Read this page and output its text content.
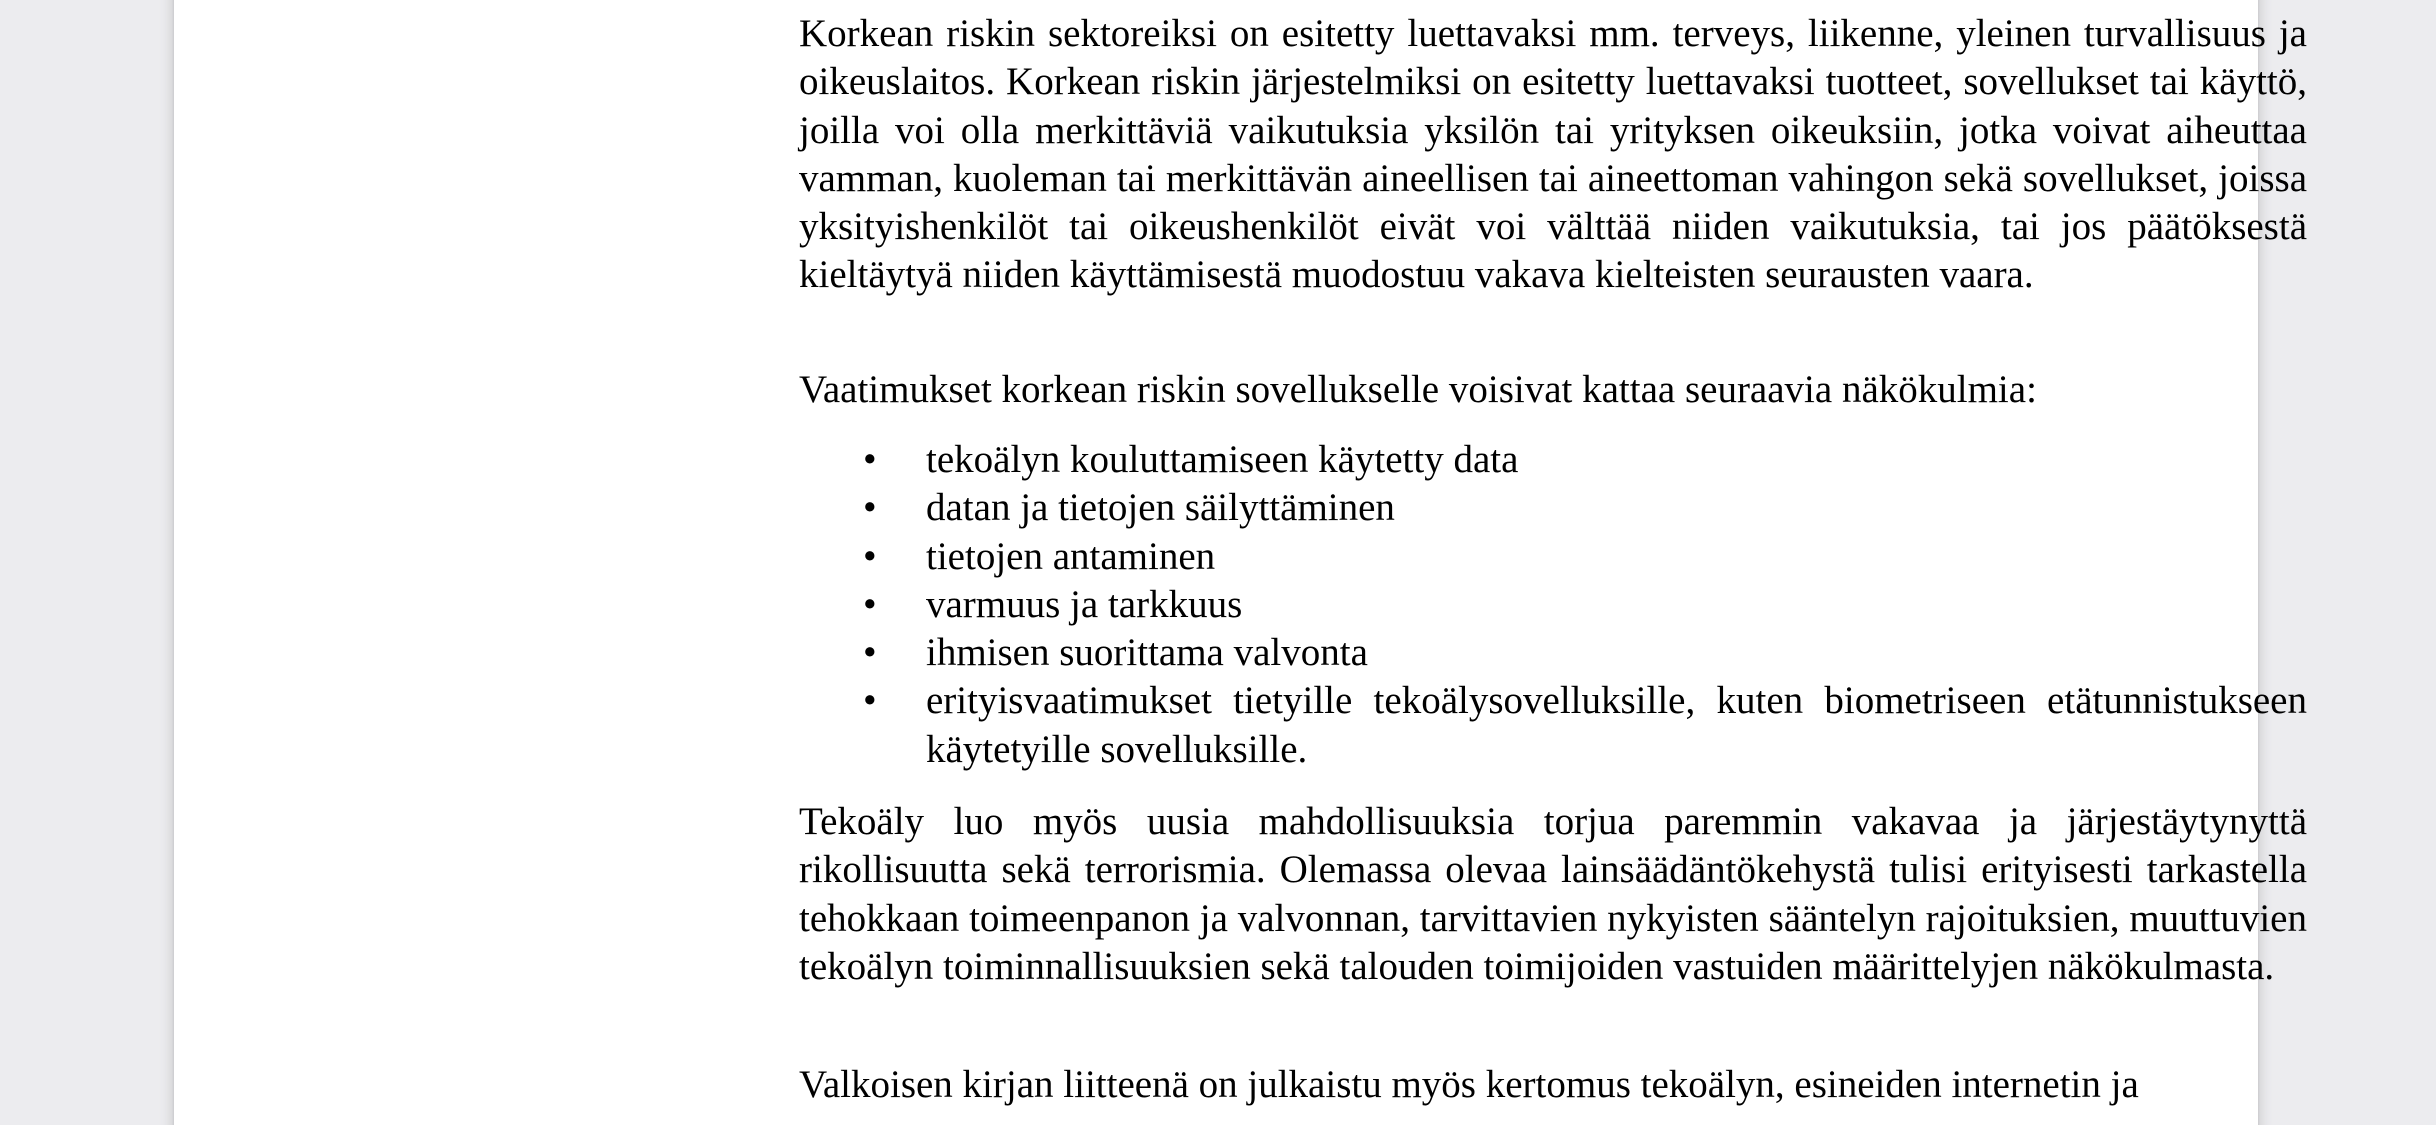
Korkean riskin sektoreiksi on esitetty luettavaksi mm. terveys, liikenne, yleinen turvallisuus ja oikeuslaitos. Korkean riskin järjestelmiksi on esitetty luettavaksi tuotteet, sovellukset tai käyttö, joilla voi olla merkittäviä vaikutuksia yksilön tai yrityksen oikeuksiin, jotka voivat aiheuttaa vamman, kuoleman tai merkittävän aineellisen tai aineettoman vahingon sekä sovellukset, joissa yksityishenkilöt tai oikeushenkilöt eivät voi välttää niiden vaikutuksia, tai jos päätöksestä kieltäytyä niiden käyttämisestä muodostuu vakava kielteisten seurausten vaara.

Vaatimukset korkean riskin sovellukselle voisivat kattaa seuraavia näkökulmia:

• tekoälyn kouluttamiseen käytetty data
• datan ja tietojen säilyttäminen
• tietojen antaminen
• varmuus ja tarkkuus
• ihmisen suorittama valvonta
• erityisvaatimukset tietyille tekoälysovelluksille, kuten biometriseen etätunnistukseen käytetyille sovelluksille.

Tekoäly luo myös uusia mahdollisuuksia torjua paremmin vakavaa ja järjestäytynyttä rikollisuutta sekä terrorismia. Olemassa olevaa lainsäädäntökehystä tulisi erityisesti tarkastella tehokkaan toimeenpanon ja valvonnan, tarvittavien nykyisten sääntelyn rajoituksien, muuttuvien tekoälyn toiminnallisuuksien sekä talouden toimijoiden vastuiden määrittelyjen näkökulmasta.

Valkoisen kirjan liitteenä on julkaistu myös kertomus tekoälyn, esineiden internetin ja
